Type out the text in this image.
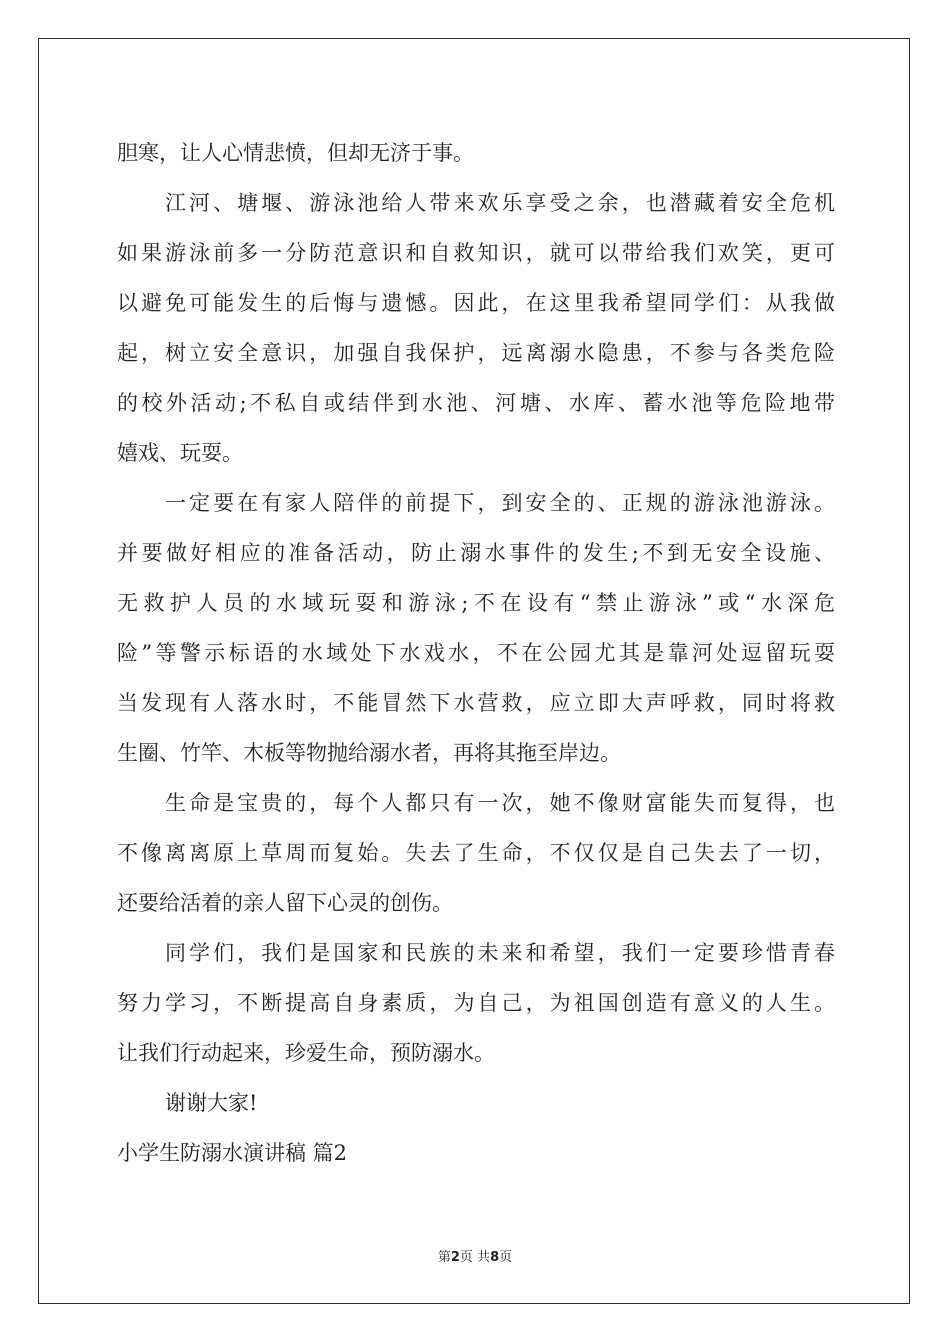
胆寒，让人心情悲愤，但却无济于事。
江河、塘堰、游泳池给人带来欢乐享受之余，也潜藏着安全危机
如果游泳前多一分防范意识和自救知识，就可以带给我们欢笑，更可
以避免可能发生的后悔与遗憾。因此，在这里我希望同学们：从我做
起，树立安全意识，加强自我保护，远离溺水隐患，不参与各类危险
的校外活动;不私自或结伴到水池、河塘、水库、蓄水池等危险地带
嬉戏、玩耍。
一定要在有家人陪伴的前提下，到安全的、正规的游泳池游泳。
并要做好相应的准备活动，防止溺水事件的发生;不到无安全设施、
无救护人员的水域玩耍和游泳;不在设有“禁止游泳”或“水深危
险”等警示标语的水域处下水戏水，不在公园尤其是靠河处逗留玩耍
当发现有人落水时，不能冒然下水营救，应立即大声呼救，同时将救
生圈、竹竿、木板等物抛给溺水者，再将其拖至岸边。
生命是宝贵的，每个人都只有一次，她不像财富能失而复得，也
不像离离原上草周而复始。失去了生命，不仅仅是自己失去了一切，
还要给活着的亲人留下心灵的创伤。
同学们，我们是国家和民族的未来和希望，我们一定要珍惜青春
努力学习，不断提高自身素质，为自己，为祖国创造有意义的人生。
让我们行动起来，珍爱生命，预防溺水。
谢谢大家!
小学生防溺水演讲稿 篇2
第2页 共8页
